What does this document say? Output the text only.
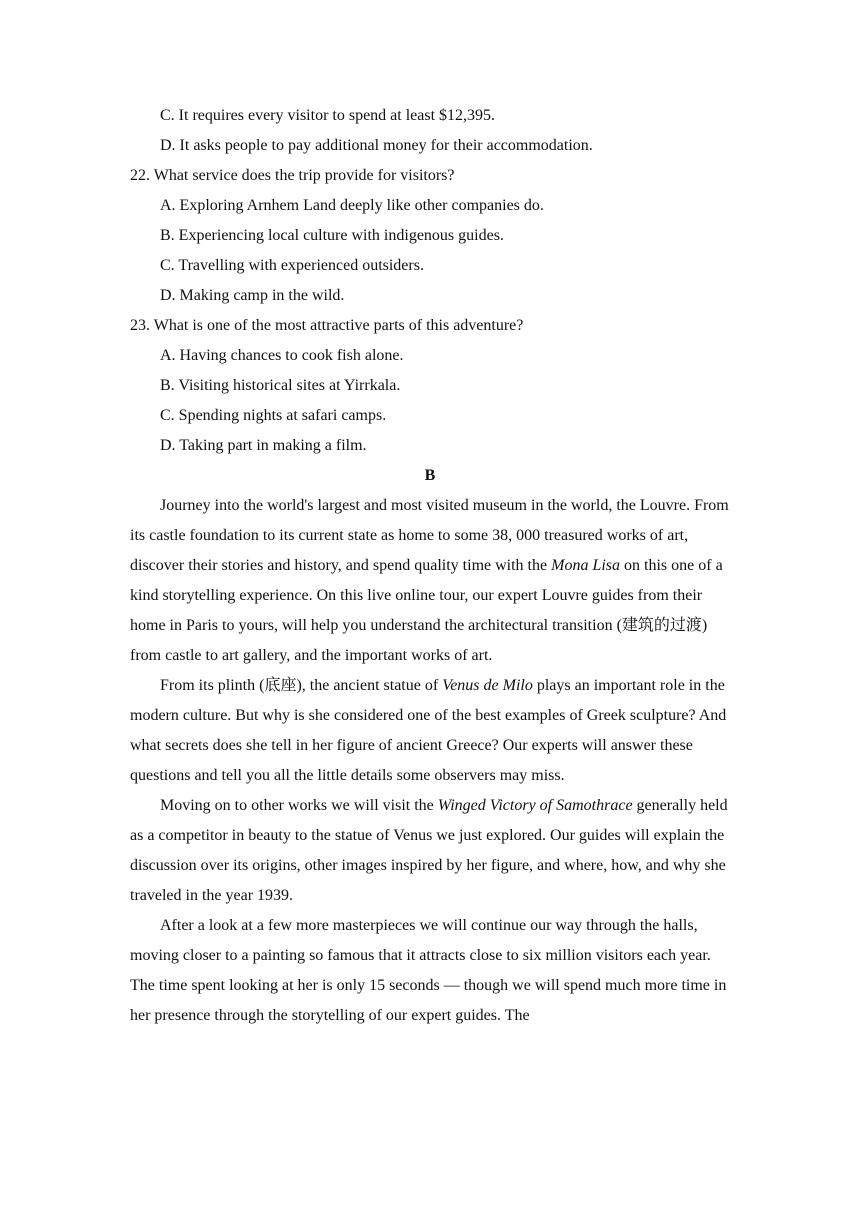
C. It requires every visitor to spend at least $12,395.
D. It asks people to pay additional money for their accommodation.
22. What service does the trip provide for visitors?
A. Exploring Arnhem Land deeply like other companies do.
B. Experiencing local culture with indigenous guides.
C. Travelling with experienced outsiders.
D. Making camp in the wild.
23. What is one of the most attractive parts of this adventure?
A. Having chances to cook fish alone.
B. Visiting historical sites at Yirrkala.
C. Spending nights at safari camps.
D. Taking part in making a film.
B

Journey into the world's largest and most visited museum in the world, the Louvre. From its castle foundation to its current state as home to some 38, 000 treasured works of art, discover their stories and history, and spend quality time with the Mona Lisa on this one of a kind storytelling experience. On this live online tour, our expert Louvre guides from their home in Paris to yours, will help you understand the architectural transition (建筑的过渡) from castle to art gallery, and the important works of art.

From its plinth (底座), the ancient statue of Venus de Milo plays an important role in the modern culture. But why is she considered one of the best examples of Greek sculpture? And what secrets does she tell in her figure of ancient Greece? Our experts will answer these questions and tell you all the little details some observers may miss.

Moving on to other works we will visit the Winged Victory of Samothrace generally held as a competitor in beauty to the statue of Venus we just explored. Our guides will explain the discussion over its origins, other images inspired by her figure, and where, how, and why she traveled in the year 1939.

After a look at a few more masterpieces we will continue our way through the halls, moving closer to a painting so famous that it attracts close to six million visitors each year. The time spent looking at her is only 15 seconds — though we will spend much more time in her presence through the storytelling of our expert guides. The
